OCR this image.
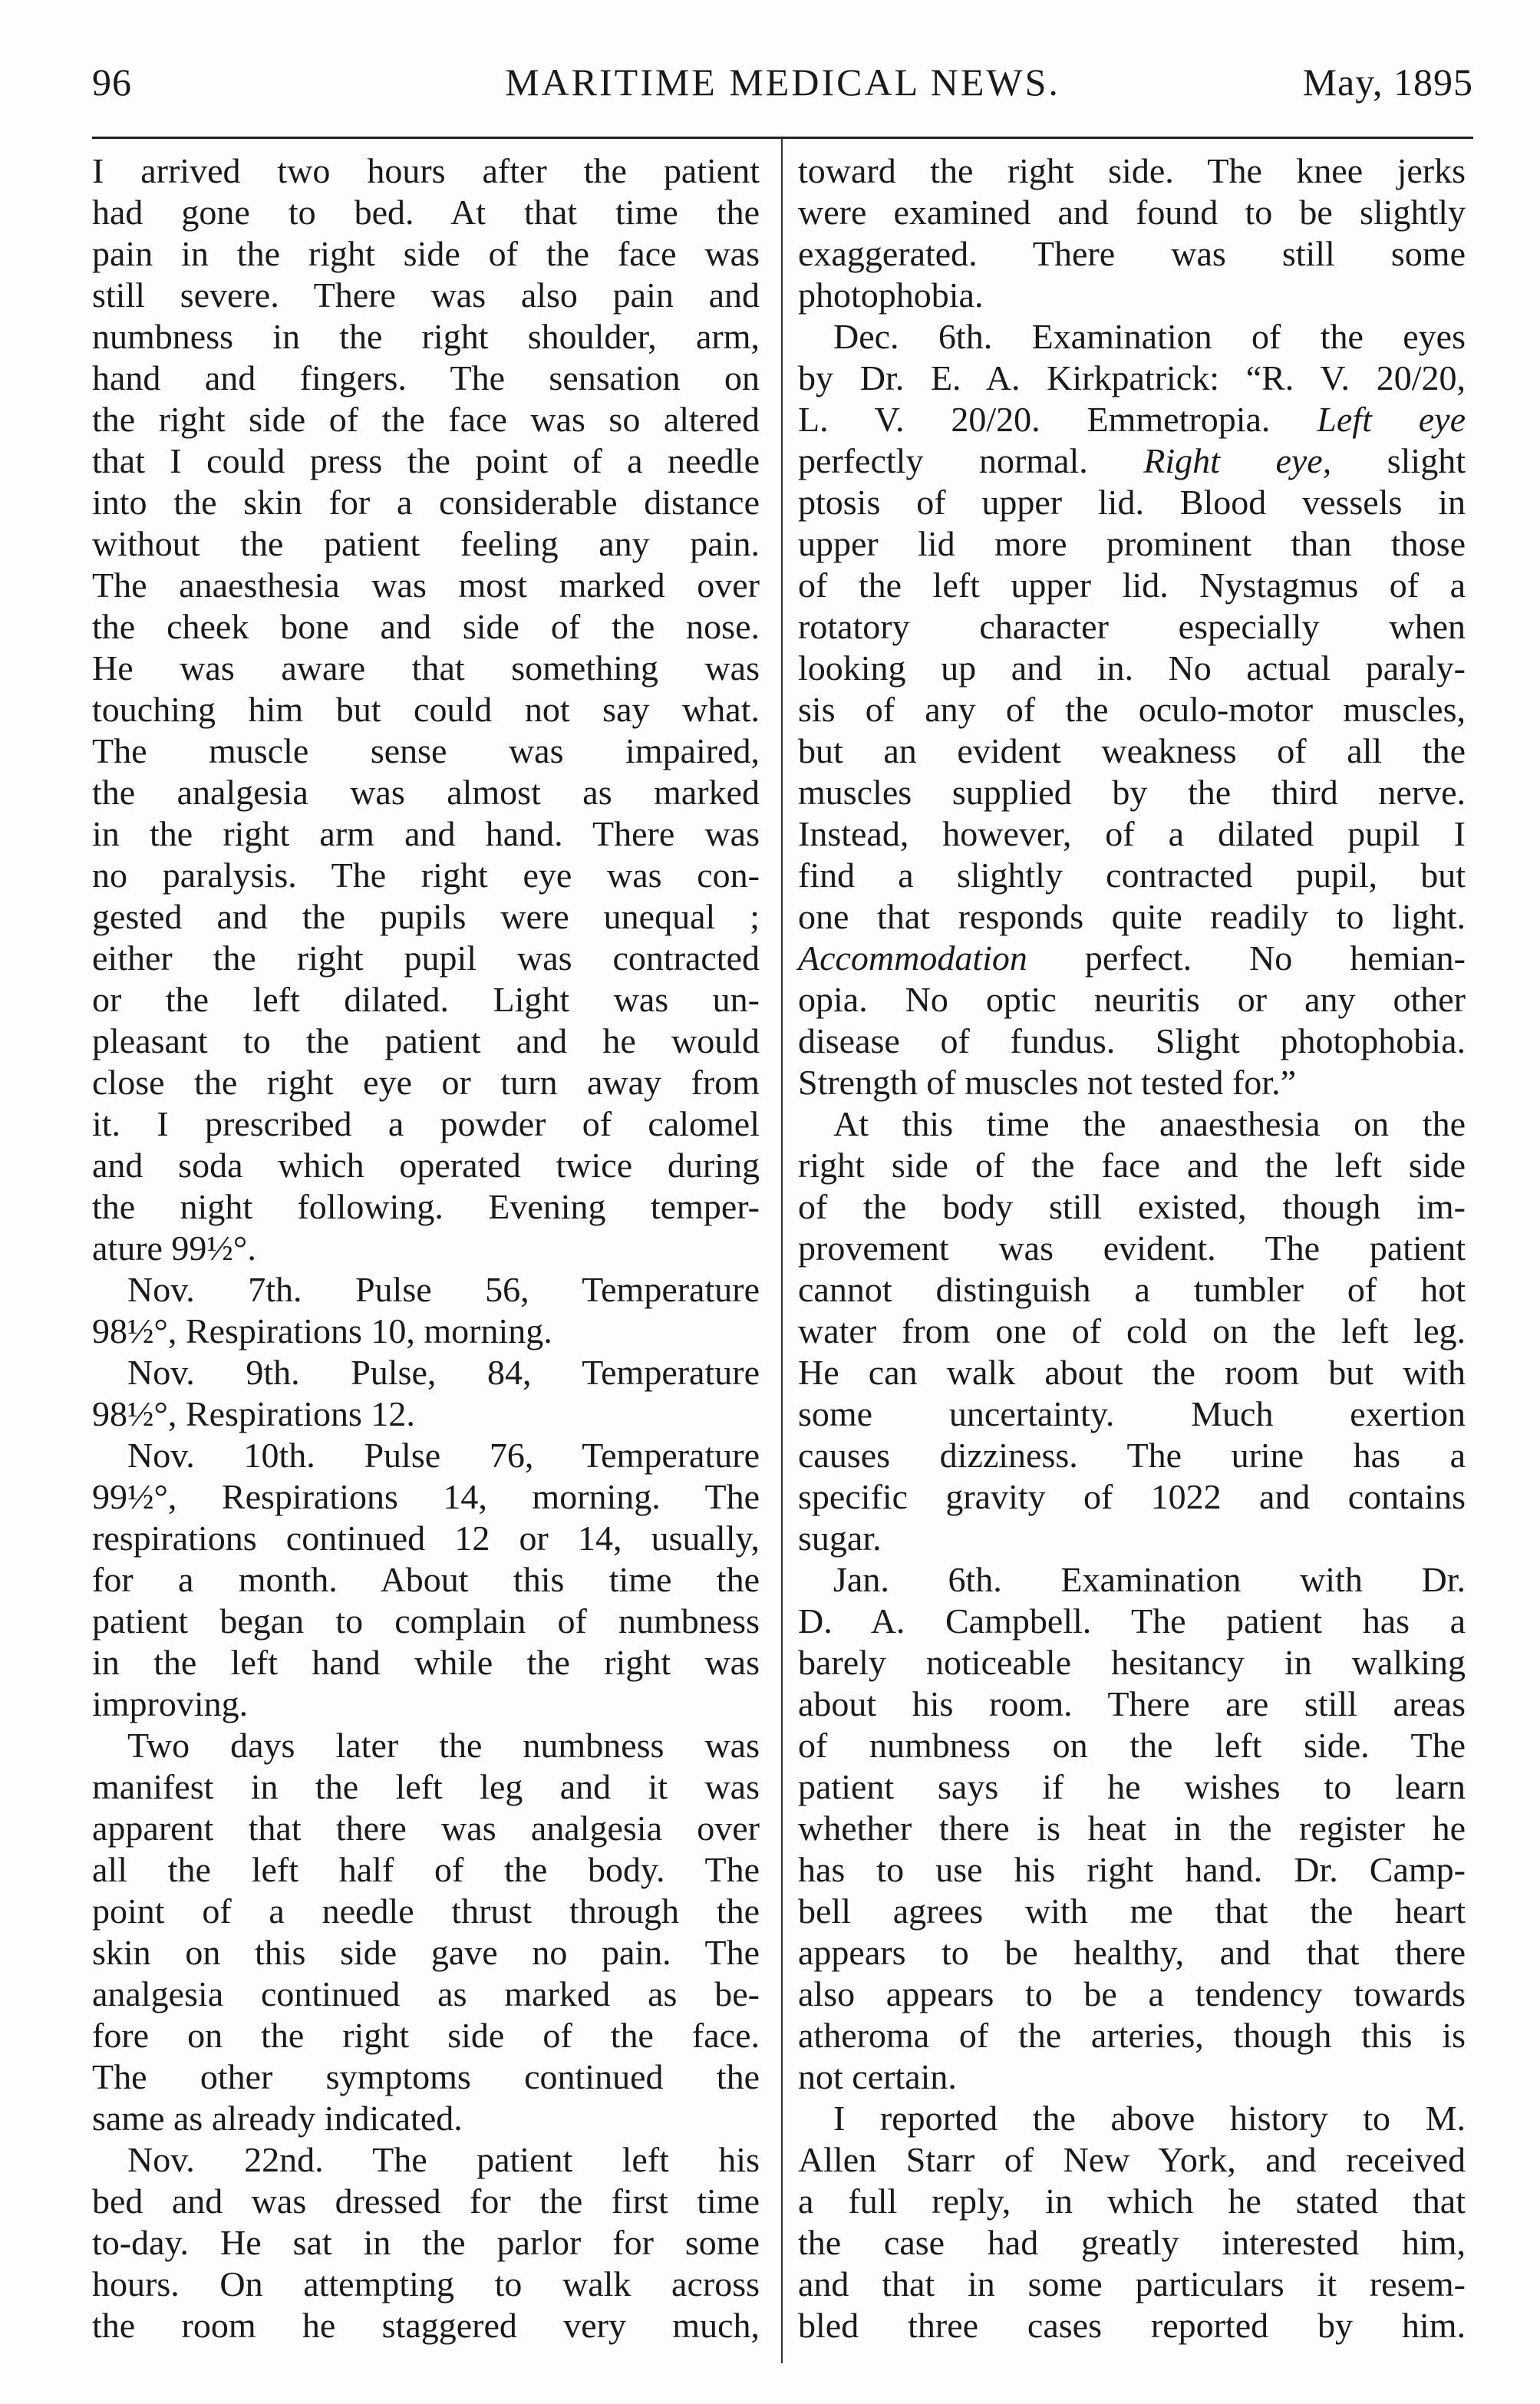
96	MARITIME MEDICAL NEWS.	May, 1895
I arrived two hours after the patient
had gone to bed. At that time the
pain in the right side of the face was
still severe. There was also pain and
numbness in the right shoulder, arm,
hand and fingers. The sensation on
the right side of the face was so altered
that I could press the point of a needle
into the skin for a considerable distance
without the patient feeling any pain.
The anaesthesia was most marked over
the cheek bone and side of the nose.
He was aware that something was
touching him but could not say what.
The muscle sense was impaired,
the analgesia was almost as marked
in the right arm and hand. There was
no paralysis. The right eye was con-
gested and the pupils were unequal ;
either the right pupil was contracted
or the left dilated. Light was un-
pleasant to the patient and he would
close the right eye or turn away from
it. I prescribed a powder of calomel
and soda which operated twice during
the night following. Evening temper-
ature 99½°.
Nov. 7th. Pulse 56, Temperature
98½°, Respirations 10, morning.
Nov. 9th. Pulse, 84, Temperature
98½°, Respirations 12.
Nov. 10th. Pulse 76, Temperature
99½°, Respirations 14, morning. The
respirations continued 12 or 14, usually,
for a month. About this time the
patient began to complain of numbness
in the left hand while the right was
improving.
Two days later the numbness was
manifest in the left leg and it was
apparent that there was analgesia over
all the left half of the body. The
point of a needle thrust through the
skin on this side gave no pain. The
analgesia continued as marked as be-
fore on the right side of the face.
The other symptoms continued the
same as already indicated.
Nov. 22nd. The patient left his
bed and was dressed for the first time
to-day. He sat in the parlor for some
hours. On attempting to walk across
the room he staggered very much,
toward the right side. The knee jerks
were examined and found to be slightly
exaggerated. There was still some
photophobia.
Dec. 6th. Examination of the eyes
by Dr. E. A. Kirkpatrick: “R. V. 20/20,
L. V. 20/20. Emmetropia. Left eye
perfectly normal. Right eye, slight
ptosis of upper lid. Blood vessels in
upper lid more prominent than those
of the left upper lid. Nystagmus of a
rotatory character especially when
looking up and in. No actual paraly-
sis of any of the oculo-motor muscles,
but an evident weakness of all the
muscles supplied by the third nerve.
Instead, however, of a dilated pupil I
find a slightly contracted pupil, but
one that responds quite readily to light.
Accommodation perfect. No hemian-
opia. No optic neuritis or any other
disease of fundus. Slight photophobia.
Strength of muscles not tested for.”
At this time the anaesthesia on the
right side of the face and the left side
of the body still existed, though im-
provement was evident. The patient
cannot distinguish a tumbler of hot
water from one of cold on the left leg.
He can walk about the room but with
some uncertainty. Much exertion
causes dizziness. The urine has a
specific gravity of 1022 and contains
sugar.
Jan. 6th. Examination with Dr.
D. A. Campbell. The patient has a
barely noticeable hesitancy in walking
about his room. There are still areas
of numbness on the left side. The
patient says if he wishes to learn
whether there is heat in the register he
has to use his right hand. Dr. Camp-
bell agrees with me that the heart
appears to be healthy, and that there
also appears to be a tendency towards
atheroma of the arteries, though this is
not certain.
I reported the above history to M.
Allen Starr of New York, and received
a full reply, in which he stated that
the case had greatly interested him,
and that in some particulars it resem-
bled three cases reported by him.
